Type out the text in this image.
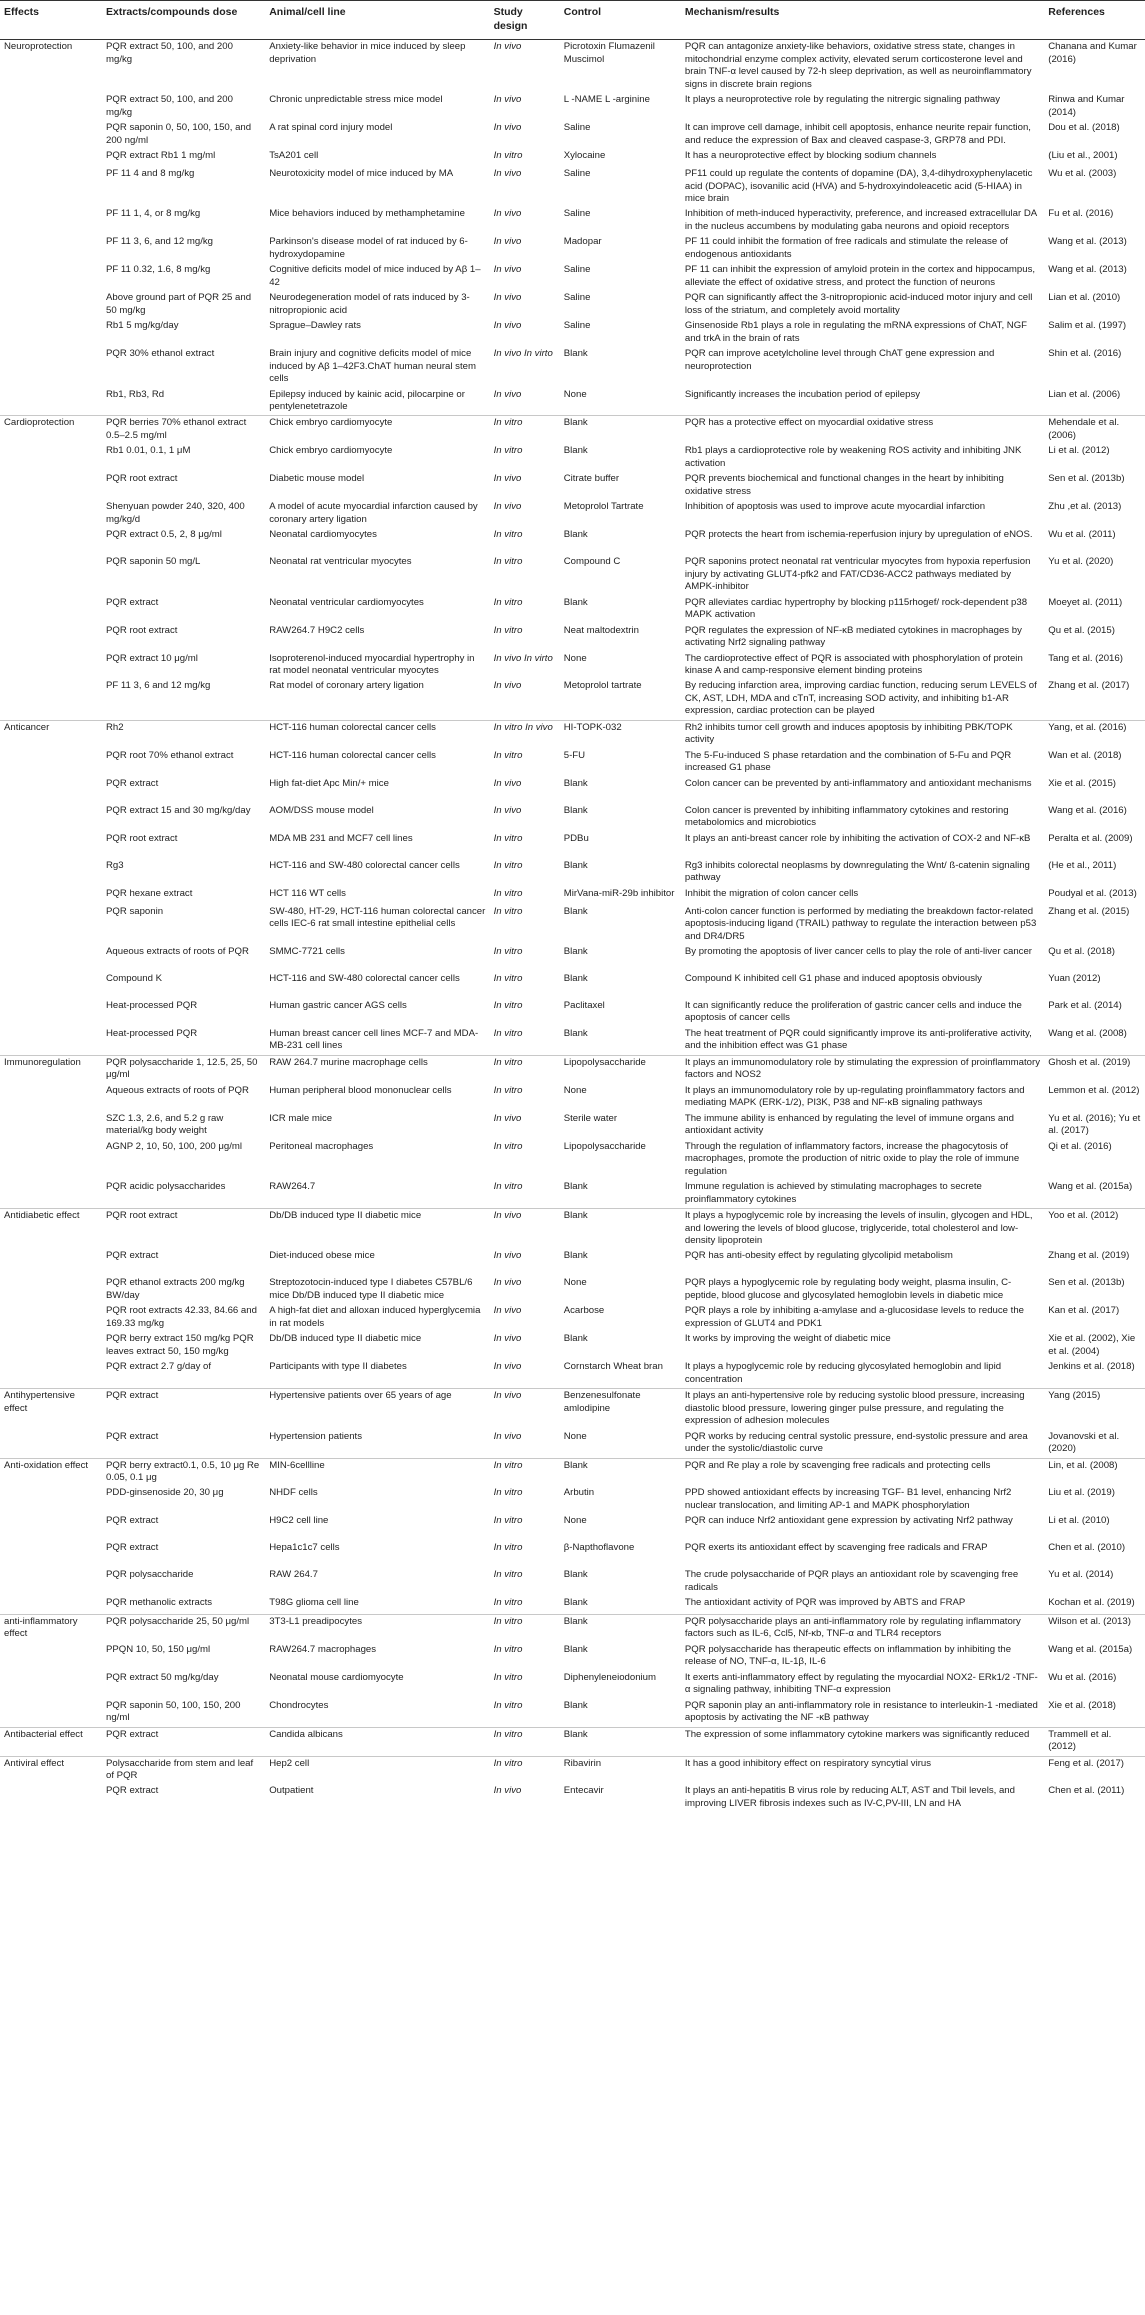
Effects	Extracts/compounds dose	Animal/cell line	Study design	Control	Mechanism/results	References
Neuroprotection	PQR extract 50, 100, and 200 mg/kg	Anxiety-like behavior in mice induced by sleep deprivation	In vivo	Picrotoxin Flumazenil Muscimol	PQR can antagonize anxiety-like behaviors, oxidative stress state, changes in mitochondrial enzyme complex activity, elevated serum corticosterone level and brain TNF-α level caused by 72-h sleep deprivation, as well as neuroinflammatory signs in discrete brain regions	Chanana and Kumar (2016)
	PQR extract 50, 100, and 200 mg/kg	Chronic unpredictable stress mice model	In vivo	L -NAME L -arginine	It plays a neuroprotective role by regulating the nitrergic signaling pathway	Rinwa and Kumar (2014)
	PQR saponin 0, 50, 100, 150, and 200 ng/ml	A rat spinal cord injury model	In vivo	Saline	It can improve cell damage, inhibit cell apoptosis, enhance neurite repair function, and reduce the expression of Bax and cleaved caspase-3, GRP78 and PDI.	Dou et al. (2018)
	PQR extract Rb1 1 mg/ml	TsA201 cell	In vitro	Xylocaine	It has a neuroprotective effect by blocking sodium channels	(Liu et al., 2001)
	PF 11 4 and 8 mg/kg	Neurotoxicity model of mice induced by MA	In vivo	Saline	PF11 could up regulate the contents of dopamine (DA), 3,4-dihydroxyphenylacetic acid (DOPAC), isovanilic acid (HVA) and 5-hydroxyindoleacetic acid (5-HIAA) in mice brain	Wu et al. (2003)
	PF 11 1, 4, or 8 mg/kg	Mice behaviors induced by methamphetamine	In vivo	Saline	Inhibition of meth-induced hyperactivity, preference, and increased extracellular DA in the nucleus accumbens by modulating gaba neurons and opioid receptors	Fu et al. (2016)
	PF 11 3, 6, and 12 mg/kg	Parkinson's disease model of rat induced by 6-hydroxydopamine	In vivo	Madopar	PF 11 could inhibit the formation of free radicals and stimulate the release of endogenous antioxidants	Wang et al. (2013)
	PF 11 0.32, 1.6, 8 mg/kg	Cognitive deficits model of mice induced by Aβ 1–42	In vivo	Saline	PF 11 can inhibit the expression of amyloid protein in the cortex and hippocampus, alleviate the effect of oxidative stress, and protect the function of neurons	Wang et al. (2013)
	Above ground part of PQR 25 and 50 mg/kg	Neurodegeneration model of rats induced by 3-nitropropionic acid	In vivo	Saline	PQR can significantly affect the 3-nitropropionic acid-induced motor injury and cell loss of the striatum, and completely avoid mortality	Lian et al. (2010)
	Rb1 5 mg/kg/day	Sprague–Dawley rats	In vivo	Saline	Ginsenoside Rb1 plays a role in regulating the mRNA expressions of ChAT, NGF and trkA in the brain of rats	Salim et al. (1997)
	PQR 30% ethanol extract	Brain injury and cognitive deficits model of mice induced by Aβ 1–42F3.ChAT human neural stem cells	In vivo In virto	Blank	PQR can improve acetylcholine level through ChAT gene expression and neuroprotection	Shin et al. (2016)
	Rb1, Rb3, Rd	Epilepsy induced by kainic acid, pilocarpine or pentylenetetrazole	In vivo	None	Significantly increases the incubation period of epilepsy	Lian et al. (2006)
Cardioprotection	PQR berries 70% ethanol extract 0.5–2.5 mg/ml	Chick embryo cardiomyocyte	In vitro	Blank	PQR has a protective effect on myocardial oxidative stress	Mehendale et al. (2006)
	Rb1 0.01, 0.1, 1 μM	Chick embryo cardiomyocyte	In vitro	Blank	Rb1 plays a cardioprotective role by weakening ROS activity and inhibiting JNK activation	Li et al. (2012)
	PQR root extract	Diabetic mouse model	In vivo	Citrate buffer	PQR prevents biochemical and functional changes in the heart by inhibiting oxidative stress	Sen et al. (2013b)
	Shenyuan powder 240, 320, 400 mg/kg/d	A model of acute myocardial infarction caused by coronary artery ligation	In vivo	Metoprolol Tartrate	Inhibition of apoptosis was used to improve acute myocardial infarction	Zhu ,et al. (2013)
	PQR extract 0.5, 2, 8 μg/ml	Neonatal cardiomyocytes	In vitro	Blank	PQR protects the heart from ischemia-reperfusion injury by upregulation of eNOS.	Wu et al. (2011)
	PQR saponin 50 mg/L	Neonatal rat ventricular myocytes	In vitro	Compound C	PQR saponins protect neonatal rat ventricular myocytes from hypoxia reperfusion injury by activating GLUT4-pfk2 and FAT/CD36-ACC2 pathways mediated by AMPK-inhibitor	Yu et al. (2020)
	PQR extract	Neonatal ventricular cardiomyocytes	In vitro	Blank	PQR alleviates cardiac hypertrophy by blocking p115rhogef/ rock-dependent p38 MAPK activation	Moeyet al. (2011)
	PQR root extract	RAW264.7 H9C2 cells	In vitro	Neat maltodextrin	PQR regulates the expression of NF-κB mediated cytokines in macrophages by activating Nrf2 signaling pathway	Qu et al. (2015)
	PQR extract 10 μg/ml	Isoproterenol-induced myocardial hypertrophy in rat model neonatal ventricular myocytes	In vivo In virto	None	The cardioprotective effect of PQR is associated with phosphorylation of protein kinase A and camp-responsive element binding proteins	Tang et al. (2016)
	PF 11 3, 6 and 12 mg/kg	Rat model of coronary artery ligation	In vivo	Metoprolol tartrate	By reducing infarction area, improving cardiac function, reducing serum LEVELS of CK, AST, LDH, MDA and cTnT, increasing SOD activity, and inhibiting b1-AR expression, cardiac protection can be played	Zhang et al. (2017)
Anticancer	Rh2	HCT-116 human colorectal cancer cells	In vitro In vivo	HI-TOPK-032	Rh2 inhibits tumor cell growth and induces apoptosis by inhibiting PBK/TOPK activity	Yang, et al. (2016)
	PQR root 70% ethanol extract	HCT-116 human colorectal cancer cells	In vitro	5-FU	The 5-Fu-induced S phase retardation and the combination of 5-Fu and PQR increased G1 phase	Wan et al. (2018)
	PQR extract	High fat-diet Apc Min/+ mice	In vivo	Blank	Colon cancer can be prevented by anti-inflammatory and antioxidant mechanisms	Xie et al. (2015)
	PQR extract 15 and 30 mg/kg/day	AOM/DSS mouse model	In vivo	Blank	Colon cancer is prevented by inhibiting inflammatory cytokines and restoring metabolomics and microbiotics	Wang et al. (2016)
	PQR root extract	MDA MB 231 and MCF7 cell lines	In vitro	PDBu	It plays an anti-breast cancer role by inhibiting the activation of COX-2 and NF-κB	Peralta et al. (2009)
	Rg3	HCT-116 and SW-480 colorectal cancer cells	In vitro	Blank	Rg3 inhibits colorectal neoplasms by downregulating the Wnt/ ß-catenin signaling pathway	(He et al., 2011)
	PQR hexane extract	HCT 116 WT cells	In vitro	MirVana-miR-29b inhibitor	Inhibit the migration of colon cancer cells	Poudyal et al. (2013)
	PQR saponin	SW-480, HT-29, HCT-116 human colorectal cancer cells IEC-6 rat small intestine epithelial cells	In vitro	Blank	Anti-colon cancer function is performed by mediating the breakdown factor-related apoptosis-inducing ligand (TRAIL) pathway to regulate the interaction between p53 and DR4/DR5	Zhang et al. (2015)
	Aqueous extracts of roots of PQR	SMMC-7721 cells	In vitro	Blank	By promoting the apoptosis of liver cancer cells to play the role of anti-liver cancer	Qu et al. (2018)
	Compound K	HCT-116 and SW-480 colorectal cancer cells	In vitro	Blank	Compound K inhibited cell G1 phase and induced apoptosis obviously	Yuan (2012)
	Heat-processed PQR	Human gastric cancer AGS cells	In vitro	Paclitaxel	It can significantly reduce the proliferation of gastric cancer cells and induce the apoptosis of cancer cells	Park et al. (2014)
	Heat-processed PQR	Human breast cancer cell lines MCF-7 and MDA-MB-231 cell lines	In vitro	Blank	The heat treatment of PQR could significantly improve its anti-proliferative activity, and the inhibition effect was G1 phase	Wang et al. (2008)
Immunoregulation	PQR polysaccharide 1, 12.5, 25, 50 μg/ml	RAW 264.7 murine macrophage cells	In vitro	Lipopolysaccharide	It plays an immunomodulatory role by stimulating the expression of proinflammatory factors and NOS2	Ghosh et al. (2019)
	Aqueous extracts of roots of PQR	Human peripheral blood mononuclear cells	In vitro	None	It plays an immunomodulatory role by up-regulating proinflammatory factors and mediating MAPK (ERK-1/2), PI3K, P38 and NF-κB signaling pathways	Lemmon et al. (2012)
	SZC 1.3, 2.6, and 5.2 g raw material/kg body weight	ICR male mice	In vivo	Sterile water	The immune ability is enhanced by regulating the level of immune organs and antioxidant activity	Yu et al. (2016); Yu et al. (2017)
	AGNP 2, 10, 50, 100, 200 μg/ml	Peritoneal macrophages	In vitro	Lipopolysaccharide	Through the regulation of inflammatory factors, increase the phagocytosis of macrophages, promote the production of nitric oxide to play the role of immune regulation	Qi et al. (2016)
	PQR acidic polysaccharides	RAW264.7	In vitro	Blank	Immune regulation is achieved by stimulating macrophages to secrete proinflammatory cytokines	Wang et al. (2015a)
Antidiabetic effect	PQR root extract	Db/DB induced type II diabetic mice	In vivo	Blank	It plays a hypoglycemic role by increasing the levels of insulin, glycogen and HDL, and lowering the levels of blood glucose, triglyceride, total cholesterol and low-density lipoprotein	Yoo et al. (2012)
	PQR extract	Diet-induced obese mice	In vivo	Blank	PQR has anti-obesity effect by regulating glycolipid metabolism	Zhang et al. (2019)
	PQR ethanol extracts 200 mg/kg BW/day	Streptozotocin-induced type I diabetes C57BL/6 mice Db/DB induced type II diabetic mice	In vivo	None	PQR plays a hypoglycemic role by regulating body weight, plasma insulin, C-peptide, blood glucose and glycosylated hemoglobin levels in diabetic mice	Sen et al. (2013b)
	PQR root extracts 42.33, 84.66 and 169.33 mg/kg	A high-fat diet and alloxan induced hyperglycemia in rat models	In vivo	Acarbose	PQR plays a role by inhibiting a-amylase and a-glucosidase levels to reduce the expression of GLUT4 and PDK1	Kan et al. (2017)
	PQR berry extract 150 mg/kg PQR leaves extract 50, 150 mg/kg	Db/DB induced type II diabetic mice	In vivo	Blank	It works by improving the weight of diabetic mice	Xie et al. (2002), Xie et al. (2004)
	PQR extract 2.7 g/day of	Participants with type II diabetes	In vivo	Cornstarch Wheat bran	It plays a hypoglycemic role by reducing glycosylated hemoglobin and lipid concentration	Jenkins et al. (2018)
Antihypertensive effect	PQR extract	Hypertensive patients over 65 years of age	In vivo	Benzenesulfonate amlodipine	It plays an anti-hypertensive role by reducing systolic blood pressure, increasing diastolic blood pressure, lowering ginger pulse pressure, and regulating the expression of adhesion molecules	Yang (2015)
	PQR extract	Hypertension patients	In vivo	None	PQR works by reducing central systolic pressure, end-systolic pressure and area under the systolic/diastolic curve	Jovanovski et al. (2020)
Anti-oxidation effect	PQR berry extract0.1, 0.5, 10 μg Re 0.05, 0.1 μg	MIN-6cellline	In vitro	Blank	PQR and Re play a role by scavenging free radicals and protecting cells	Lin, et al. (2008)
	PDD-ginsenoside 20, 30 μg	NHDF cells	In vitro	Arbutin	PPD showed antioxidant effects by increasing TGF- B1 level, enhancing Nrf2 nuclear translocation, and limiting AP-1 and MAPK phosphorylation	Liu et al. (2019)
	PQR extract	H9C2 cell line	In vitro	None	PQR can induce Nrf2 antioxidant gene expression by activating Nrf2 pathway	Li et al. (2010)
	PQR extract	Hepa1c1c7 cells	In vitro	β-Napthoflavone	PQR exerts its antioxidant effect by scavenging free radicals and FRAP	Chen et al. (2010)
	PQR polysaccharide	RAW 264.7	In vitro	Blank	The crude polysaccharide of PQR plays an antioxidant role by scavenging free radicals	Yu et al. (2014)
	PQR methanolic extracts	T98G glioma cell line	In vitro	Blank	The antioxidant activity of PQR was improved by ABTS and FRAP	Kochan et al. (2019)
anti-inflammatory effect	PQR polysaccharide 25, 50 μg/ml	3T3-L1 preadipocytes	In vitro	Blank	PQR polysaccharide plays an anti-inflammatory role by regulating inflammatory factors such as IL-6, Ccl5, Nf-κb, TNF-α and TLR4 receptors	Wilson et al. (2013)
	PPQN 10, 50, 150 μg/ml	RAW264.7 macrophages	In vitro	Blank	PQR polysaccharide has therapeutic effects on inflammation by inhibiting the release of NO, TNF-α, IL-1β, IL-6	Wang et al. (2015a)
	PQR extract 50 mg/kg/day	Neonatal mouse cardiomyocyte	In vitro	Diphenyleneiodonium	It exerts anti-inflammatory effect by regulating the myocardial NOX2- ERk1/2 -TNF-α signaling pathway, inhibiting TNF-α expression	Wu et al. (2016)
	PQR saponin 50, 100, 150, 200 ng/ml	Chondrocytes	In vitro	Blank	PQR saponin play an anti-inflammatory role in resistance to interleukin-1 -mediated apoptosis by activating the NF -κB pathway	Xie et al. (2018)
Antibacterial effect	PQR extract	Candida albicans	In vitro	Blank	The expression of some inflammatory cytokine markers was significantly reduced	Trammell et al. (2012)
Antiviral effect	Polysaccharide from stem and leaf of PQR	Hep2 cell	In vitro	Ribavirin	It has a good inhibitory effect on respiratory syncytial virus	Feng et al. (2017)
	PQR extract	Outpatient	In vivo	Entecavir	It plays an anti-hepatitis B virus role by reducing ALT, AST and Tbil levels, and improving LIVER fibrosis indexes such as IV-C,PV-III, LN and HA	Chen et al. (2011)
